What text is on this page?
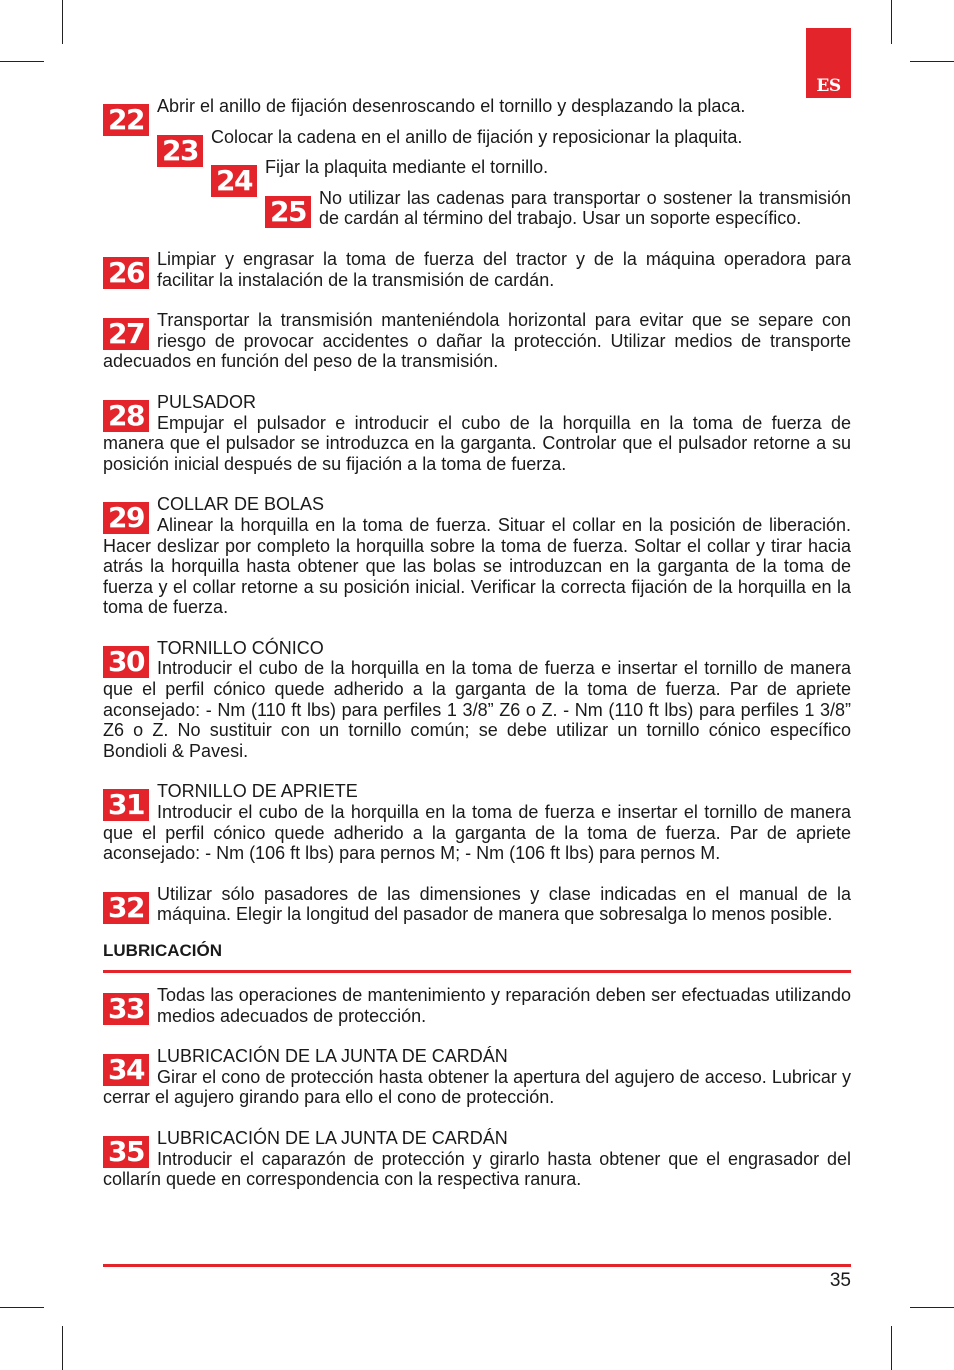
ES
22 Abrir el anillo de fijación desenroscando el tornillo y desplazando la placa.

23 Colocar la cadena en el anillo de fijación y reposicionar la plaquita.

24 Fijar la plaquita mediante el tornillo.

25 No utilizar las cadenas para transportar o sostener la transmisión de cardán al término del trabajo. Usar un soporte específico.

26 Limpiar y engrasar la toma de fuerza del tractor y de la máquina operadora para facilitar la instalación de la transmisión de cardán.

27 Transportar la transmisión manteniéndola horizontal para evitar que se separe con riesgo de provocar accidentes o dañar la protección. Utilizar medios de transporte adecuados en función del peso de la transmisión.

28 PULSADOR

Empujar el pulsador e introducir el cubo de la horquilla en la toma de fuerza de manera que el pulsador se introduzca en la garganta. Controlar que el pulsador retorne a su posición inicial después de su fijación a la toma de fuerza.

29 COLLAR DE BOLAS

Alinear la horquilla en la toma de fuerza. Situar el collar en la posición de liberación. Hacer deslizar por completo la horquilla sobre la toma de fuerza. Soltar el collar y tirar hacia atrás la horquilla hasta obtener que las bolas se introduzcan en la garganta de la toma de fuerza y el collar retorne a su posición inicial. Verificar la correcta fijación de la horquilla en la toma de fuerza.

30 TORNILLO CÓNICO

Introducir el cubo de la horquilla en la toma de fuerza e insertar el tornillo de manera que el perfil cónico quede adherido a la garganta de la toma de fuerza. Par de apriete aconsejado: - Nm (110 ft lbs) para perfiles 1 3/8” Z6 o Z. - Nm (110 ft lbs) para perfiles 1 3/8” Z6 o Z. No sustituir con un tornillo común; se debe utilizar un tornillo cónico específico Bondioli & Pavesi.

31 TORNILLO DE APRIETE

Introducir el cubo de la horquilla en la toma de fuerza e insertar el tornillo de manera que el perfil cónico quede adherido a la garganta de la toma de fuerza. Par de apriete aconsejado: - Nm (106 ft lbs) para pernos M; - Nm (106 ft lbs) para pernos M.

32 Utilizar sólo pasadores de las dimensiones y clase indicadas en el manual de la máquina. Elegir la longitud del pasador de manera que sobresalga lo menos posible.

LUBRICACIÓN
33 Todas las operaciones de mantenimiento y reparación deben ser efectuadas utilizando medios adecuados de protección.

34 LUBRICACIÓN DE LA JUNTA DE CARDÁN

Girar el cono de protección hasta obtener la apertura del agujero de acceso. Lubricar y cerrar el agujero girando para ello el cono de protección.

35 LUBRICACIÓN DE LA JUNTA DE CARDÁN

Introducir el caparazón de protección y girarlo hasta obtener que el engrasador del collarín quede en correspondencia con la respectiva ranura.

35
